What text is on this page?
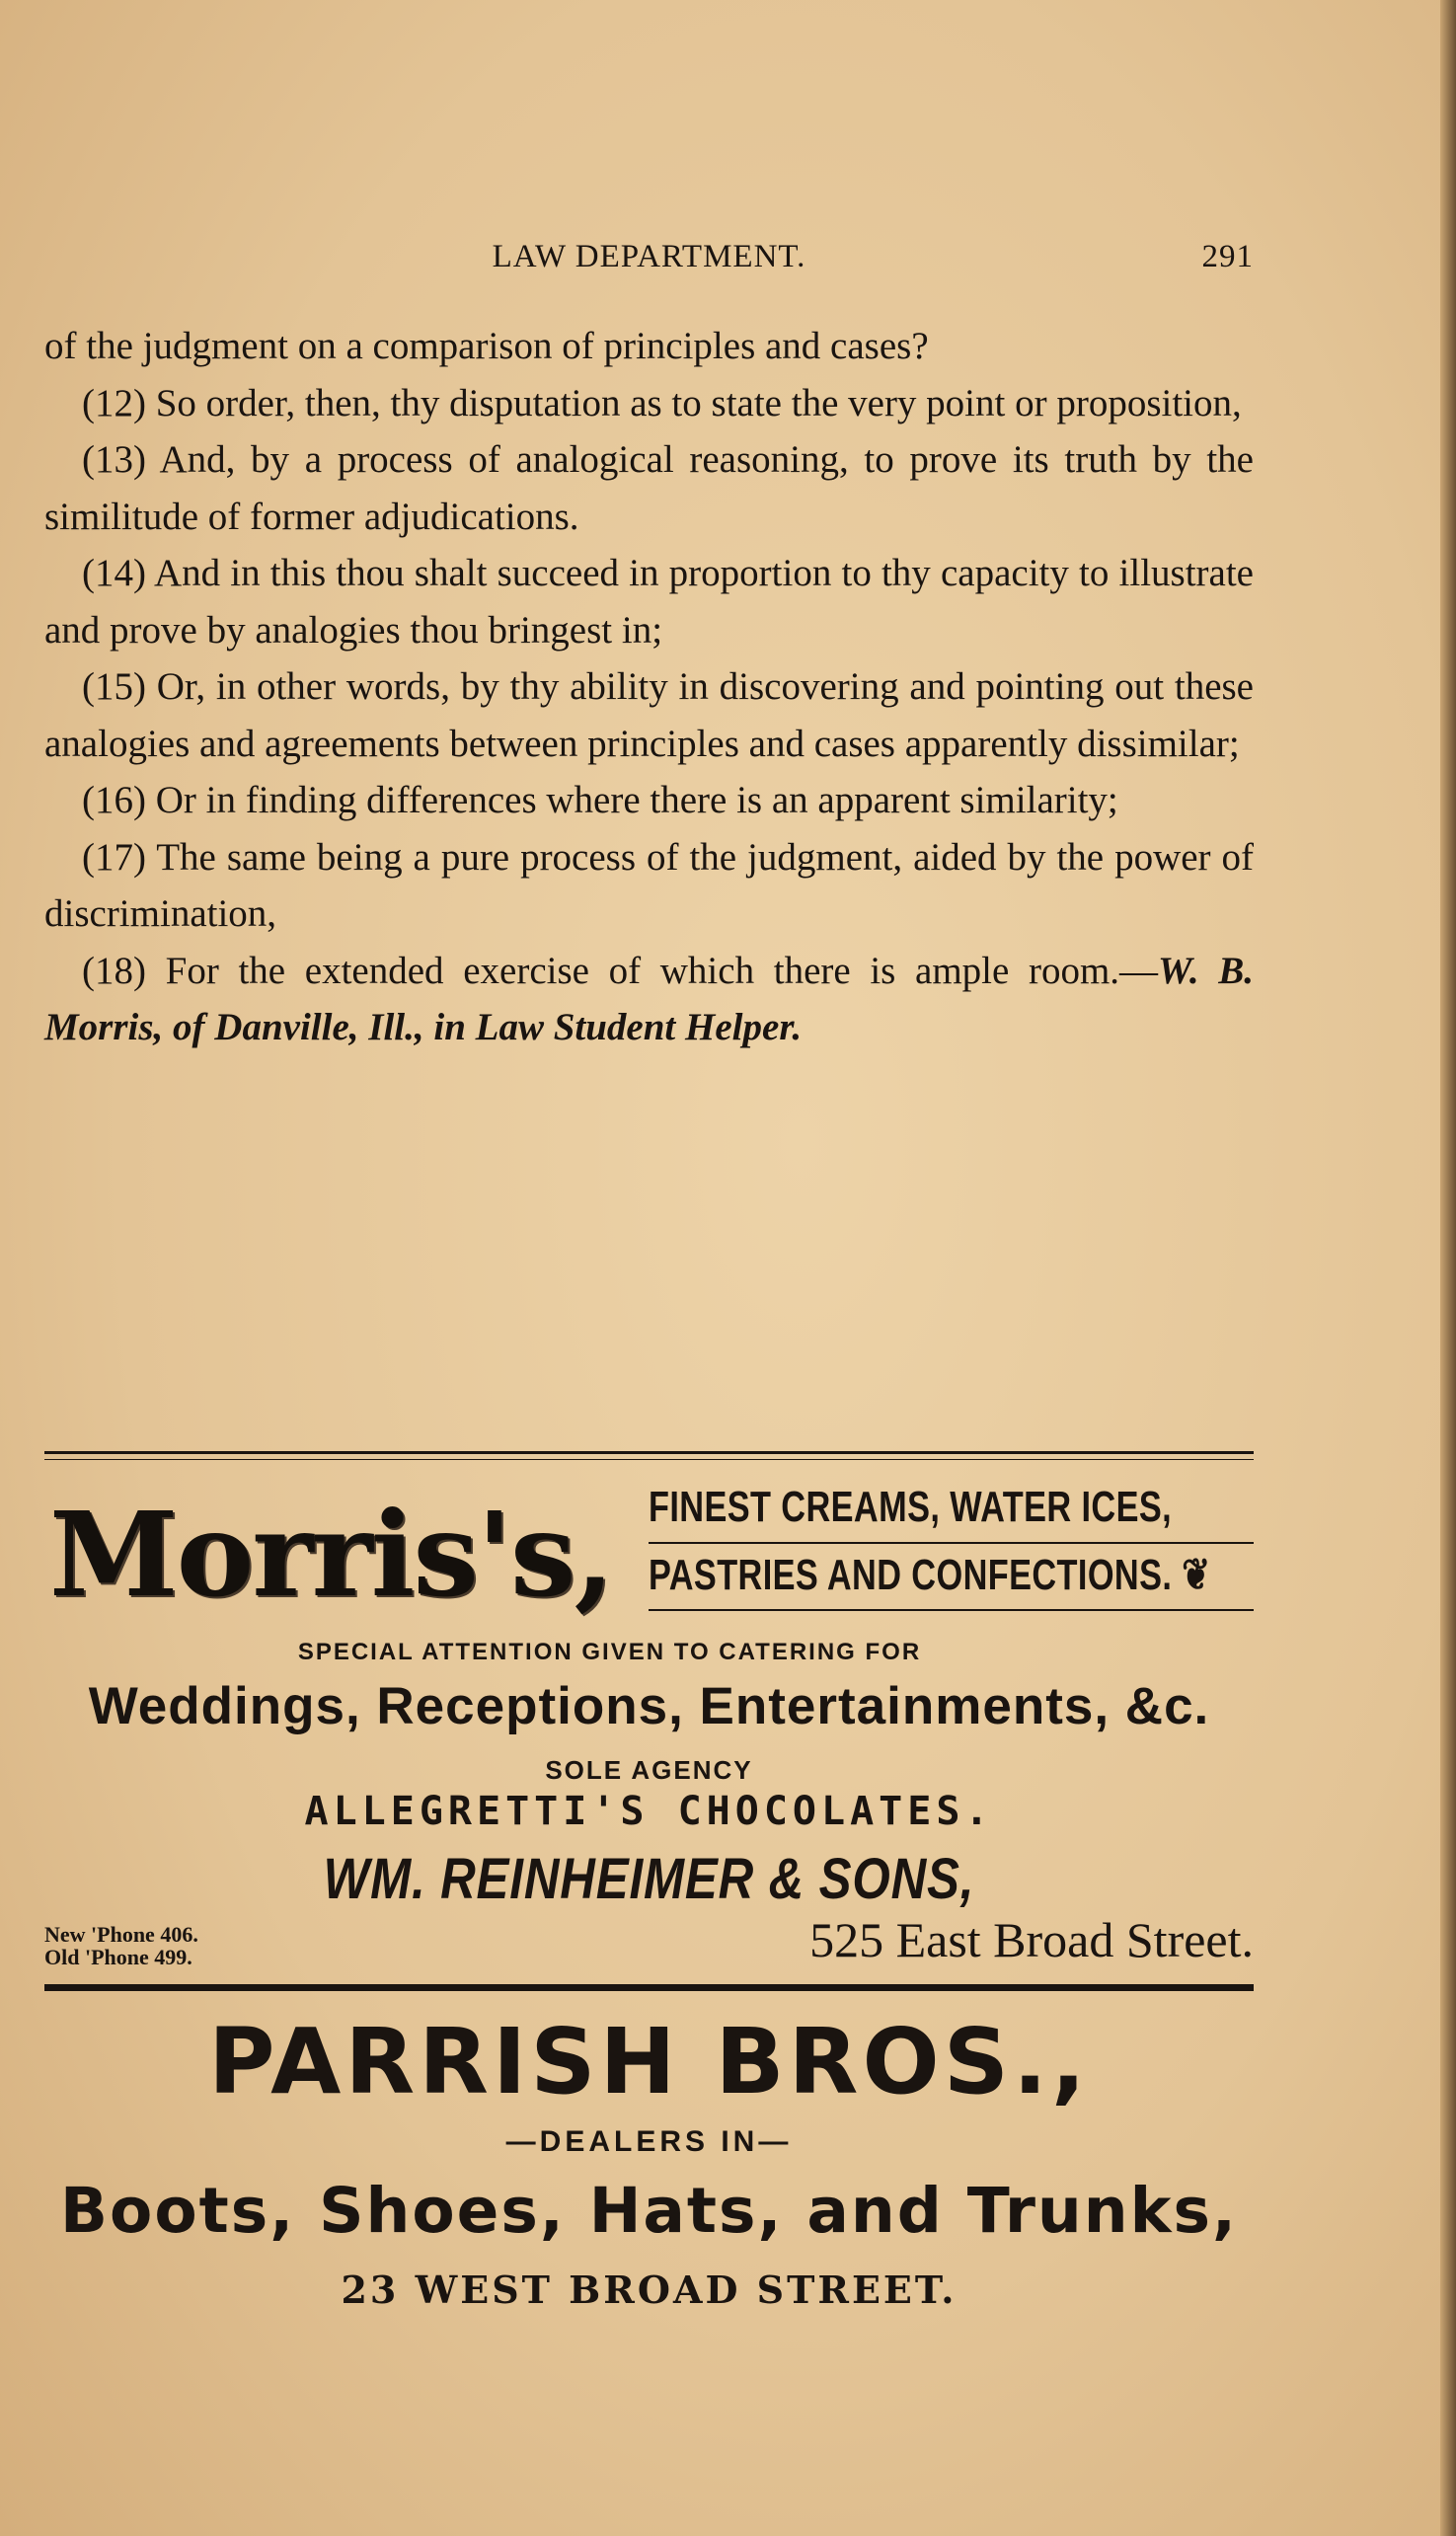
LAW DEPARTMENT.	291

of the judgment on a comparison of principles and cases?

(12) So order, then, thy disputation as to state the very point or proposition,

(13) And, by a process of analogical reasoning, to prove its truth by the similitude of former adjudications.

(14) And in this thou shalt succeed in proportion to thy capacity to illustrate and prove by analogies thou bringest in;

(15) Or, in other words, by thy ability in discovering and pointing out these analogies and agreements between principles and cases apparently dissimilar;

(16) Or in finding differences where there is an apparent similarity;

(17) The same being a pure process of the judgment, aided by the power of discrimination,

(18) For the extended exercise of which there is ample room.—W. B. Morris, of Danville, Ill., in Law Student Helper.

Morris's, FINEST CREAMS, WATER ICES,
PASTRIES AND CONFECTIONS. ❦
SPECIAL ATTENTION GIVEN TO CATERING FOR
Weddings, Receptions, Entertainments, &c.
SOLE AGENCY
ALLEGRETTI'S CHOCOLATES.
WM. REINHEIMER & SONS,
New 'Phone 406.
Old 'Phone 499.	525 East Broad Street.
PARRISH BROS.,
—DEALERS IN—
Boots, Shoes, Hats, and Trunks,
23 WEST BROAD STREET.
